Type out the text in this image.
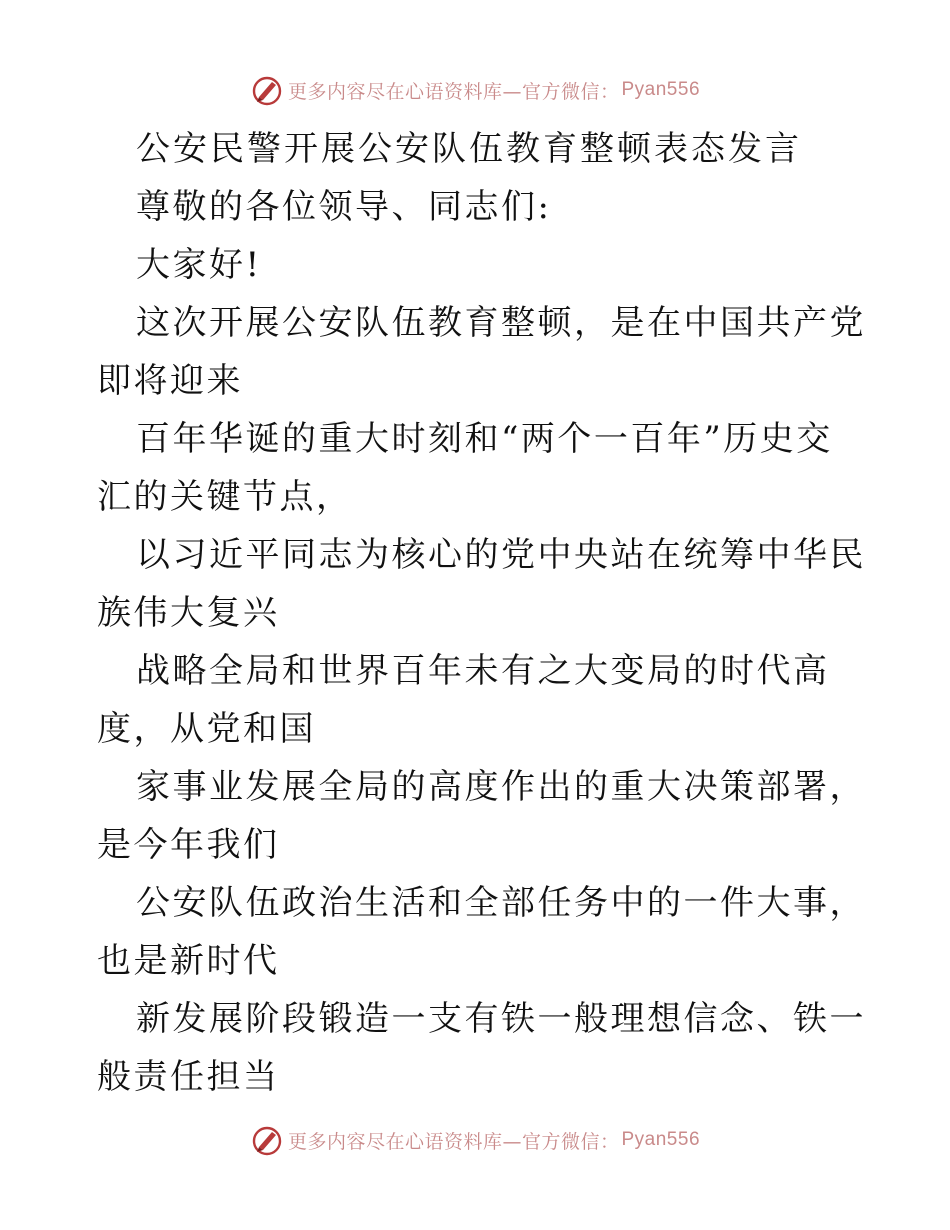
更多内容尽在心语资料库—官方微信： Pyan556

公安民警开展公安队伍教育整顿表态发言

尊敬的各位领导、同志们:

大家好!

这次开展公安队伍教育整顿，是在中国共产党即将迎来

百年华诞的重大时刻和“两个一百年”历史交汇的关键节点，

以习近平同志为核心的党中央站在统筹中华民族伟大复兴

战略全局和世界百年未有之大变局的时代高度，从党和国

家事业发展全局的高度作出的重大决策部署，是今年我们

公安队伍政治生活和全部任务中的一件大事，也是新时代

新发展阶段锻造一支有铁一般理想信念、铁一般责任担当

更多内容尽在心语资料库—官方微信： Pyan556
